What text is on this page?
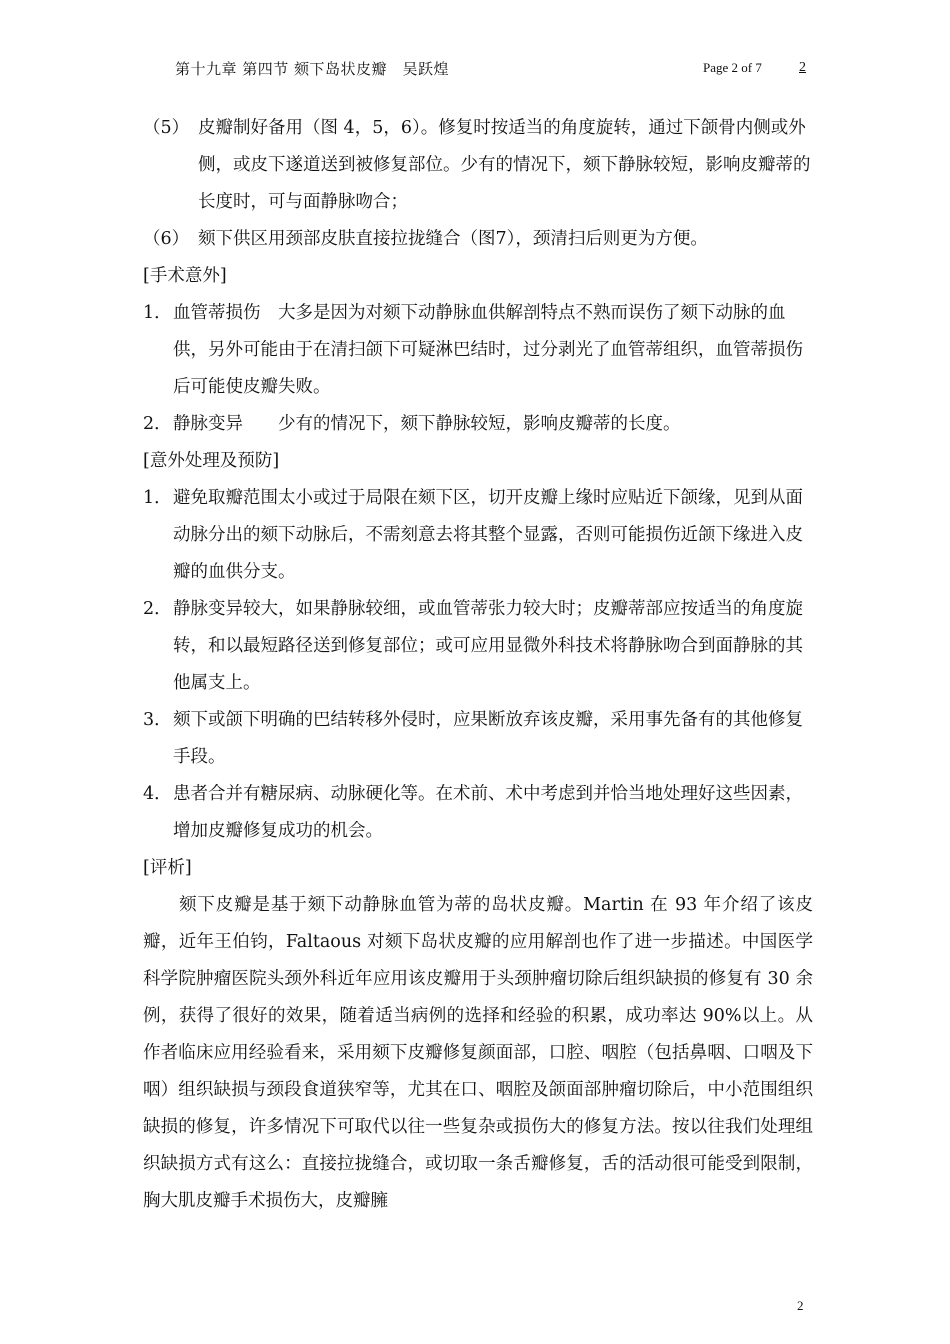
第十九章 第四节 颏下岛状皮瓣　吴跃煌	Page 2 of 7	2
（5） 皮瓣制好备用（图 4，5，6）。修复时按适当的角度旋转，通过下颌骨内侧或外侧，或皮下遂道送到被修复部位。少有的情况下，颏下静脉较短，影响皮瓣蒂的长度时，可与面静脉吻合；
（6） 颏下供区用颈部皮肤直接拉拢缝合（图7），颈清扫后则更为方便。
[手术意外]
1． 血管蒂损伤　大多是因为对颏下动静脉血供解剖特点不熟而误伤了颏下动脉的血供，另外可能由于在清扫颌下可疑淋巴结时，过分剥光了血管蒂组织，血管蒂损伤后可能使皮瓣失败。
2． 静脉变异　　少有的情况下，颏下静脉较短，影响皮瓣蒂的长度。
[意外处理及预防]
1． 避免取瓣范围太小或过于局限在颏下区，切开皮瓣上缘时应贴近下颌缘，见到从面动脉分出的颏下动脉后，不需刻意去将其整个显露，否则可能损伤近颌下缘进入皮瓣的血供分支。
2． 静脉变异较大，如果静脉较细，或血管蒂张力较大时；皮瓣蒂部应按适当的角度旋转，和以最短路径送到修复部位；或可应用显微外科技术将静脉吻合到面静脉的其他属支上。
3． 颏下或颌下明确的巴结转移外侵时，应果断放弃该皮瓣，采用事先备有的其他修复手段。
4． 患者合并有糖尿病、动脉硬化等。在术前、术中考虑到并恰当地处理好这些因素，增加皮瓣修复成功的机会。
[评析]
颏下皮瓣是基于颏下动静脉血管为蒂的岛状皮瓣。Martin 在 93 年介绍了该皮瓣，近年王伯钧，Faltaous 对颏下岛状皮瓣的应用解剖也作了进一步描述。中国医学科学院肿瘤医院头颈外科近年应用该皮瓣用于头颈肿瘤切除后组织缺损的修复有 30 余例，获得了很好的效果，随着适当病例的选择和经验的积累，成功率达 90%以上。从作者临床应用经验看来，采用颏下皮瓣修复颜面部，口腔、咽腔（包括鼻咽、口咽及下咽）组织缺损与颈段食道狭窄等，尤其在口、咽腔及颌面部肿瘤切除后，中小范围组织缺损的修复，许多情况下可取代以往一些复杂或损伤大的修复方法。按以往我们处理组织缺损方式有这么：直接拉拢缝合，或切取一条舌瓣修复，舌的活动很可能受到限制，胸大肌皮瓣手术损伤大，皮瓣臃
2
